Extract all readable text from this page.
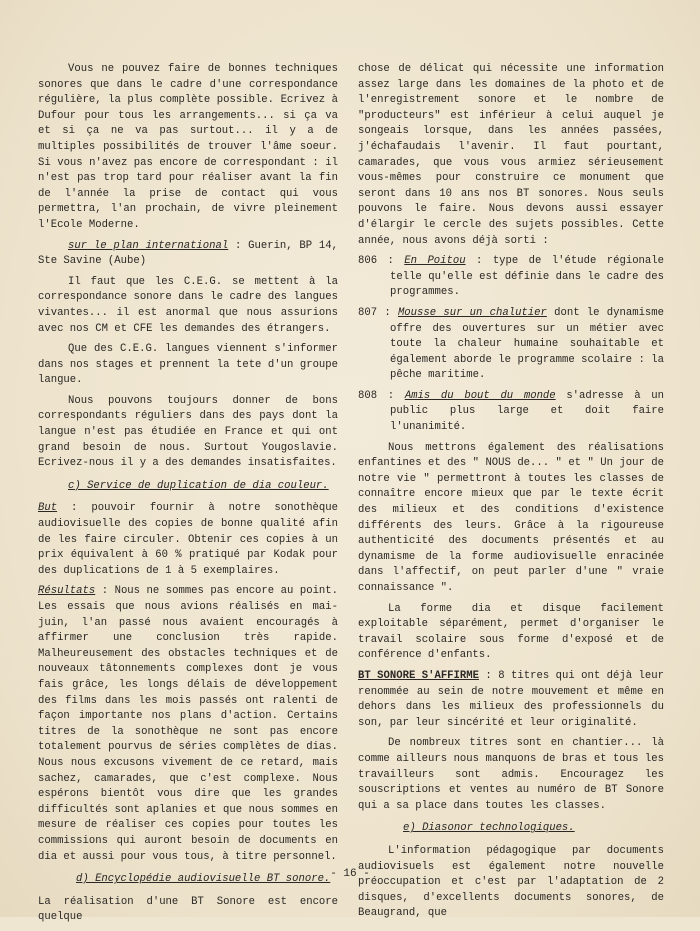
Vous ne pouvez faire de bonnes techniques sonores que dans le cadre d'une correspondance régulière, la plus complète possible. Ecrivez à Dufour pour tous les arrangements... si ça va et si ça ne va pas surtout... il y a de multiples possibilités de trouver l'âme soeur. Si vous n'avez pas encore de correspondant : il n'est pas trop tard pour réaliser avant la fin de l'année la prise de contact qui vous permettra, l'an prochain, de vivre pleinement l'Ecole Moderne.

sur le plan international : Guerin, BP 14, Ste Savine (Aube)

Il faut que les C.E.G. se mettent à la correspondance sonore dans le cadre des langues vivantes... il est anormal que nous assurions avec nos CM et CFE les demandes des étrangers.

Que des C.E.G. langues viennent s'informer dans nos stages et prennent la tete d'un groupe langue.

Nous pouvons toujours donner de bons correspondants réguliers dans des pays dont la langue n'est pas étudiée en France et qui ont grand besoin de nous. Surtout Yougoslavie. Ecrivez-nous il y a des demandes insatisfaites.

c) Service de duplication de dia couleur.

But : pouvoir fournir à notre sonothèque audiovisuelle des copies de bonne qualité afin de les faire circuler. Obtenir ces copies à un prix équivalent à 60 % pratiqué par Kodak pour des duplications de 1 à 5 exemplaires.

Résultats : Nous ne sommes pas encore au point. Les essais que nous avions réalisés en mai-juin, l'an passé nous avaient encouragés à affirmer une conclusion très rapide. Malheureusement des obstacles techniques et de nouveaux tâtonnements complexes dont je vous fais grâce, les longs délais de développement des films dans les mois passés ont ralenti de façon importante nos plans d'action. Certains titres de la sonothèque ne sont pas encore totalement pourvus de séries complètes de dias. Nous nous excusons vivement de ce retard, mais sachez, camarades, que c'est complexe. Nous espérons bientôt vous dire que les grandes difficultés sont aplanies et que nous sommes en mesure de réaliser ces copies pour toutes les commissions qui auront besoin de documents en dia et aussi pour vous tous, à titre personnel.

d) Encyclopédie audiovisuelle BT sonore.

La réalisation d'une BT Sonore est encore quelque

chose de délicat qui nécessite une information assez large dans les domaines de la photo et de l'enregistrement sonore et le nombre de "producteurs" est inférieur à celui auquel je songeais lorsque, dans les années passées, j'échafaudais l'avenir. Il faut pourtant, camarades, que vous vous armiez sérieusement vous-mêmes pour construire ce monument que seront dans 10 ans nos BT sonores. Nous seuls pouvons le faire. Nous devons aussi essayer d'élargir le cercle des sujets possibles. Cette année, nous avons déjà sorti :

806 : En Poitou : type de l'étude régionale telle qu'elle est définie dans le cadre des programmes.

807 : Mousse sur un chalutier dont le dynamisme offre des ouvertures sur un métier avec toute la chaleur humaine souhaitable et également aborde le programme scolaire : la pêche maritime.

808 : Amis du bout du monde s'adresse à un public plus large et doit faire l'unanimité.

Nous mettrons également des réalisations enfantines et des " NOUS de... " et " Un jour de notre vie " permettront à toutes les classes de connaître encore mieux que par le texte écrit des milieux et des conditions d'existence différents des leurs. Grâce à la rigoureuse authenticité des documents présentés et au dynamisme de la forme audiovisuelle enracinée dans l'affectif, on peut parler d'une " vraie connaissance ".

La forme dia et disque facilement exploitable séparément, permet d'organiser le travail scolaire sous forme d'exposé et de conférence d'enfants.

BT SONORE S'AFFIRME : 8 titres qui ont déjà leur renommée au sein de notre mouvement et même en dehors dans les milieux des professionnels du son, par leur sincérité et leur originalité.

De nombreux titres sont en chantier... là comme ailleurs nous manquons de bras et tous les travailleurs sont admis. Encouragez les souscriptions et ventes au numéro de BT Sonore qui a sa place dans toutes les classes.

e) Diasonor technologiques.

L'information pédagogique par documents audiovisuels est également notre nouvelle préoccupation et c'est par l'adaptation de 2 disques, d'excellents documents sonores, de Beaugrand, que

- 16 -
